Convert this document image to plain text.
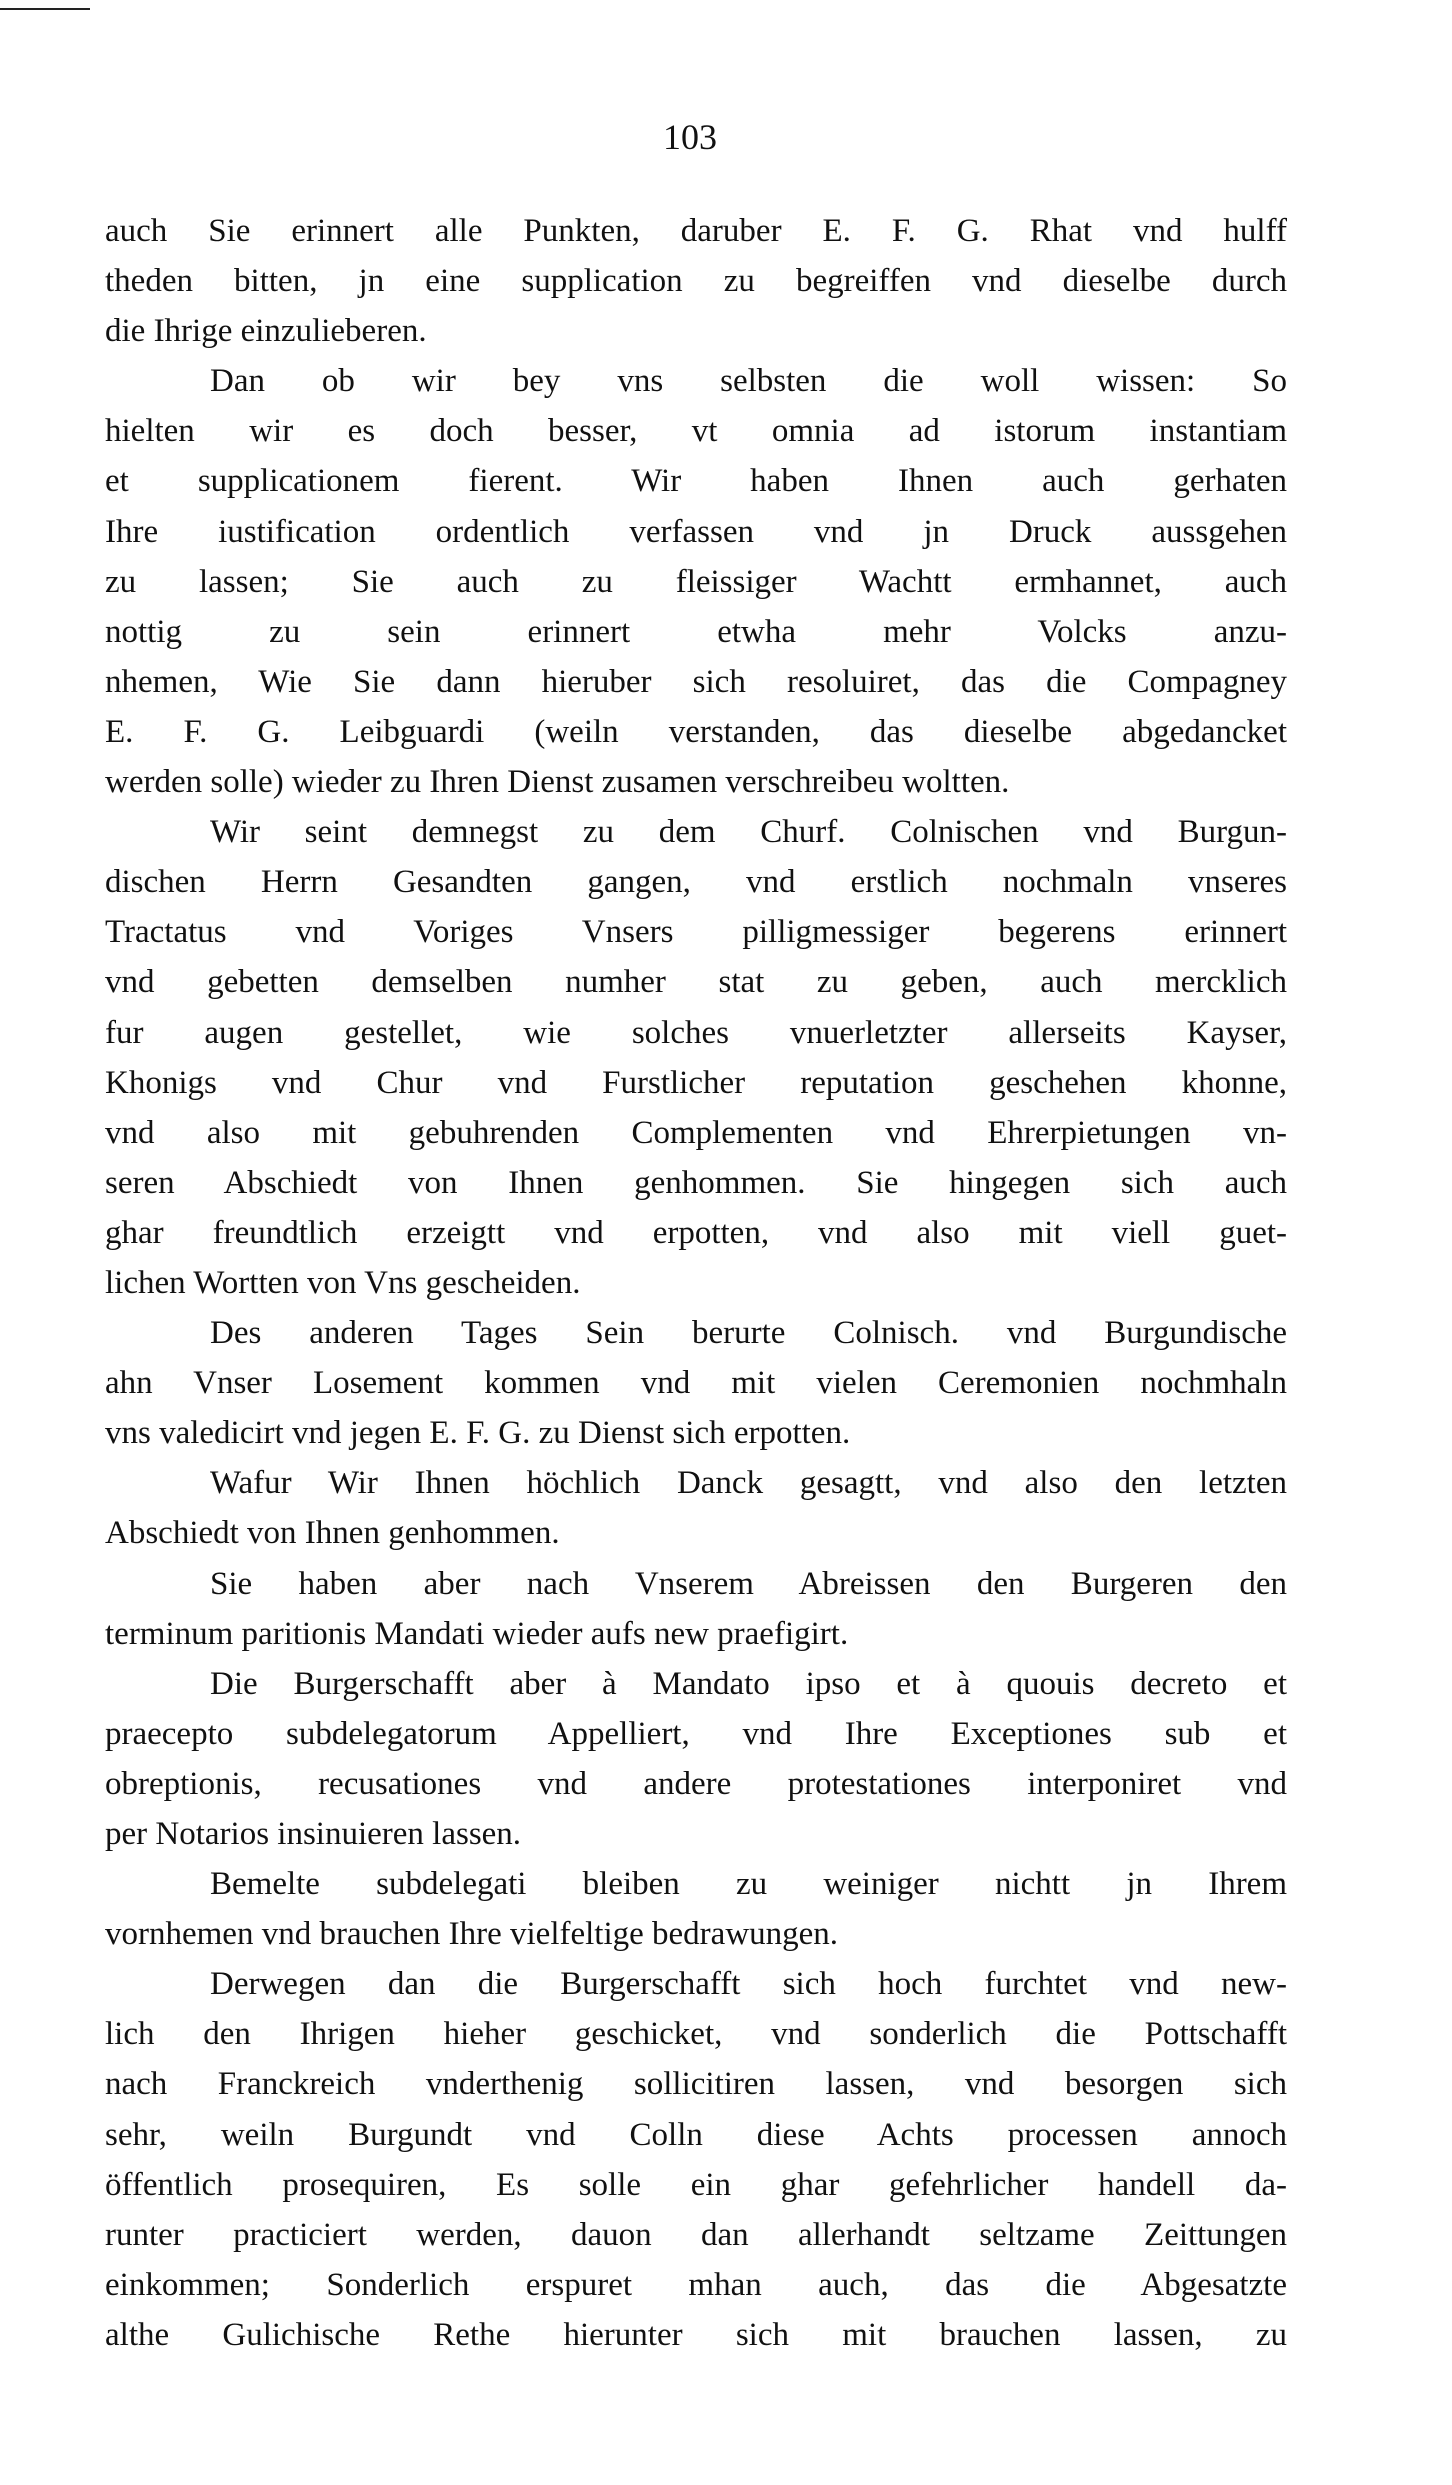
103
auch Sie erinnert alle Punkten, daruber E. F. G. Rhat vnd hulff
theden bitten, jn eine supplication zu begreiffen vnd dieselbe durch
die Ihrige einzulieberen.
Dan ob wir bey vns selbsten die woll wissen: So
hielten wir es doch besser, vt omnia ad istorum instantiam
et supplicationem fierent. Wir haben Ihnen auch gerhaten
Ihre iustification ordentlich verfassen vnd jn Druck aussgehen
zu lassen; Sie auch zu fleissiger Wachtt ermhannet, auch
nottig zu sein erinnert etwha mehr Volcks anzu-
nhemen, Wie Sie dann hieruber sich resoluiret, das die Compagney
E. F. G. Leibguardi (weiln verstanden, das dieselbe abgedancket
werden solle) wieder zu Ihren Dienst zusamen verschreibeu woltten.
Wir seint demnegst zu dem Churf. Colnischen vnd Burgun-
dischen Herrn Gesandten gangen, vnd erstlich nochmaln vnseres
Tractatus vnd Voriges Vnsers pilligmessiger begerens erinnert
vnd gebetten demselben numher stat zu geben, auch mercklich
fur augen gestellet, wie solches vnuerletzter allerseits Kayser,
Khonigs vnd Chur vnd Furstlicher reputation geschehen khonne,
vnd also mit gebuhrenden Complementen vnd Ehrerpietungen vn-
seren Abschiedt von Ihnen genhommen. Sie hingegen sich auch
ghar freundtlich erzeigtt vnd erpotten, vnd also mit viell guet-
lichen Wortten von Vns gescheiden.
Des anderen Tages Sein berurte Colnisch. vnd Burgundische
ahn Vnser Losement kommen vnd mit vielen Ceremonien nochmhaln
vns valedicirt vnd jegen E. F. G. zu Dienst sich erpotten.
Wafur Wir Ihnen höchlich Danck gesagtt, vnd also den letzten
Abschiedt von Ihnen genhommen.
Sie haben aber nach Vnserem Abreissen den Burgeren den
terminum paritionis Mandati wieder aufs new praefigirt.
Die Burgerschafft aber à Mandato ipso et à quouis decreto et
praecepto subdelegatorum Appelliert, vnd Ihre Exceptiones sub et
obreptionis, recusationes vnd andere protestationes interponiret vnd
per Notarios insinuieren lassen.
Bemelte subdelegati bleiben zu weiniger nichtt jn Ihrem
vornhemen vnd brauchen Ihre vielfeltige bedrawungen.
Derwegen dan die Burgerschafft sich hoch furchtet vnd new-
lich den Ihrigen hieher geschicket, vnd sonderlich die Pottschafft
nach Franckreich vnderthenig sollicitiren lassen, vnd besorgen sich
sehr, weiln Burgundt vnd Colln diese Achts processen annoch
öffentlich prosequiren, Es solle ein ghar gefehrlicher handell da-
runter practiciert werden, dauon dan allerhandt seltzame Zeittungen
einkommen; Sonderlich erspuret mhan auch, das die Abgesatzte
althe Gulichische Rethe hierunter sich mit brauchen lassen, zu
